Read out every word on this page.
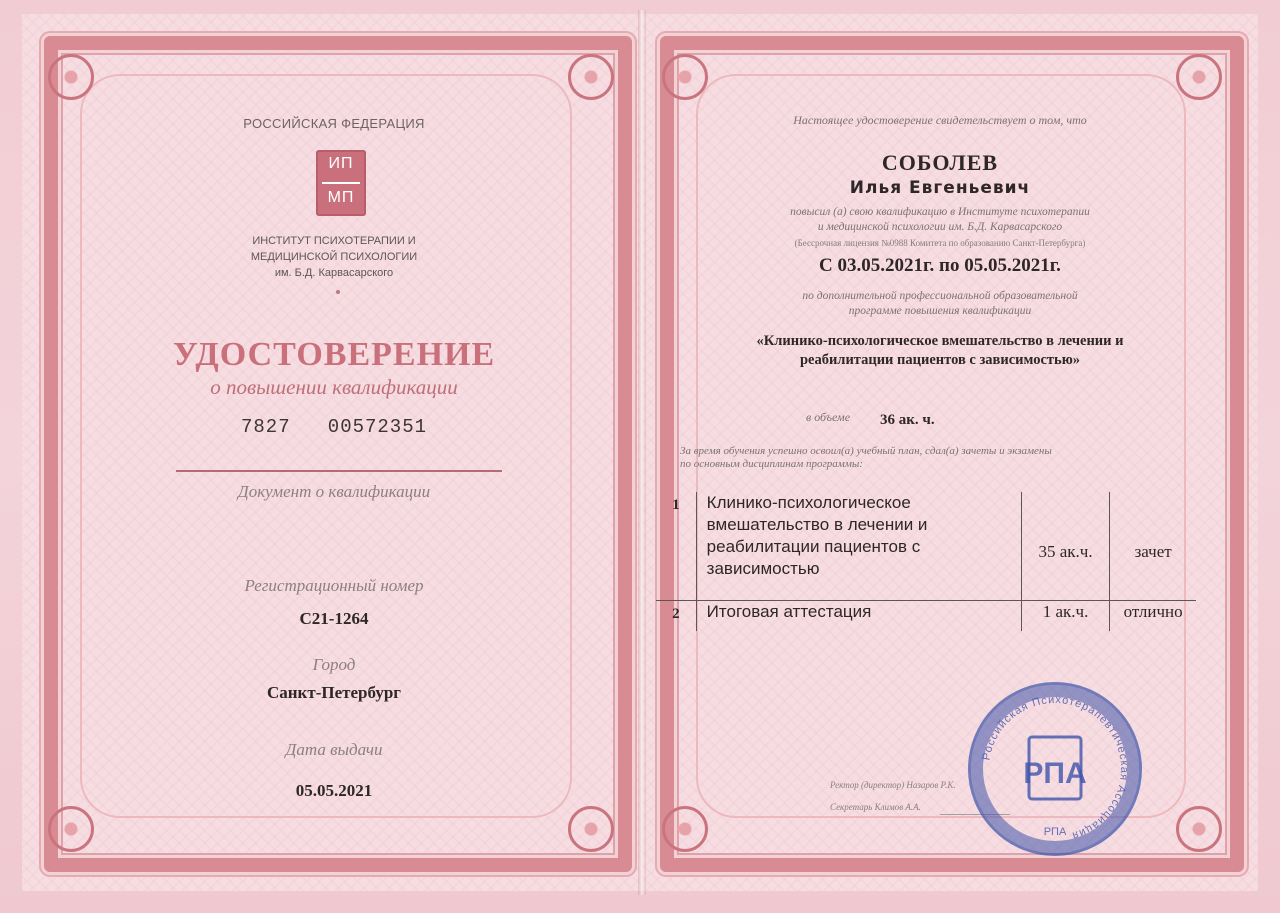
РОССИЙСКАЯ ФЕДЕРАЦИЯ

ИП
МП

ИНСТИТУТ ПСИХОТЕРАПИИ И

МЕДИЦИНСКОЙ ПСИХОЛОГИИ

им. Б.Д. Карвасарского

УДОСТОВЕРЕНИЕ

о повышении квалификации

7827   00572351

Документ о квалификации

Регистрационный номер

С21-1264

Город

Санкт-Петербург

Дата выдачи

05.05.2021

Настоящее удостоверение свидетельствует о том, что

СОБОЛЕВ

Илья Евгеньевич

повысил (а) свою квалификацию в Институте психотерапии

и медицинской психологии им. Б.Д. Карвасарского

(Бессрочная лицензия №0988 Комитета по образованию Санкт-Петербурга)

С 03.05.2021г. по 05.05.2021г.

по дополнительной профессиональной образовательной

программе повышения квалификации

«Клинико-психологическое вмешательство в лечении и

реабилитации пациентов с зависимостью»

в объеме 36 ак. ч.

За время обучения успешно освоил(а) учебный план, сдал(а) зачеты и экзамены

по основным дисциплинам программы:

1	Клинико-психологическое
вмешательство в лечении и
реабилитации пациентов с
зависимостью	35 ак.ч.	зачет
2	Итоговая аттестация	1 ак.ч.	отлично

Ректор (директор) Назаров Р.К.

Секретарь Климов А.А.

Российская Психотерапевтическая Ассоциация
РПА
РПА
